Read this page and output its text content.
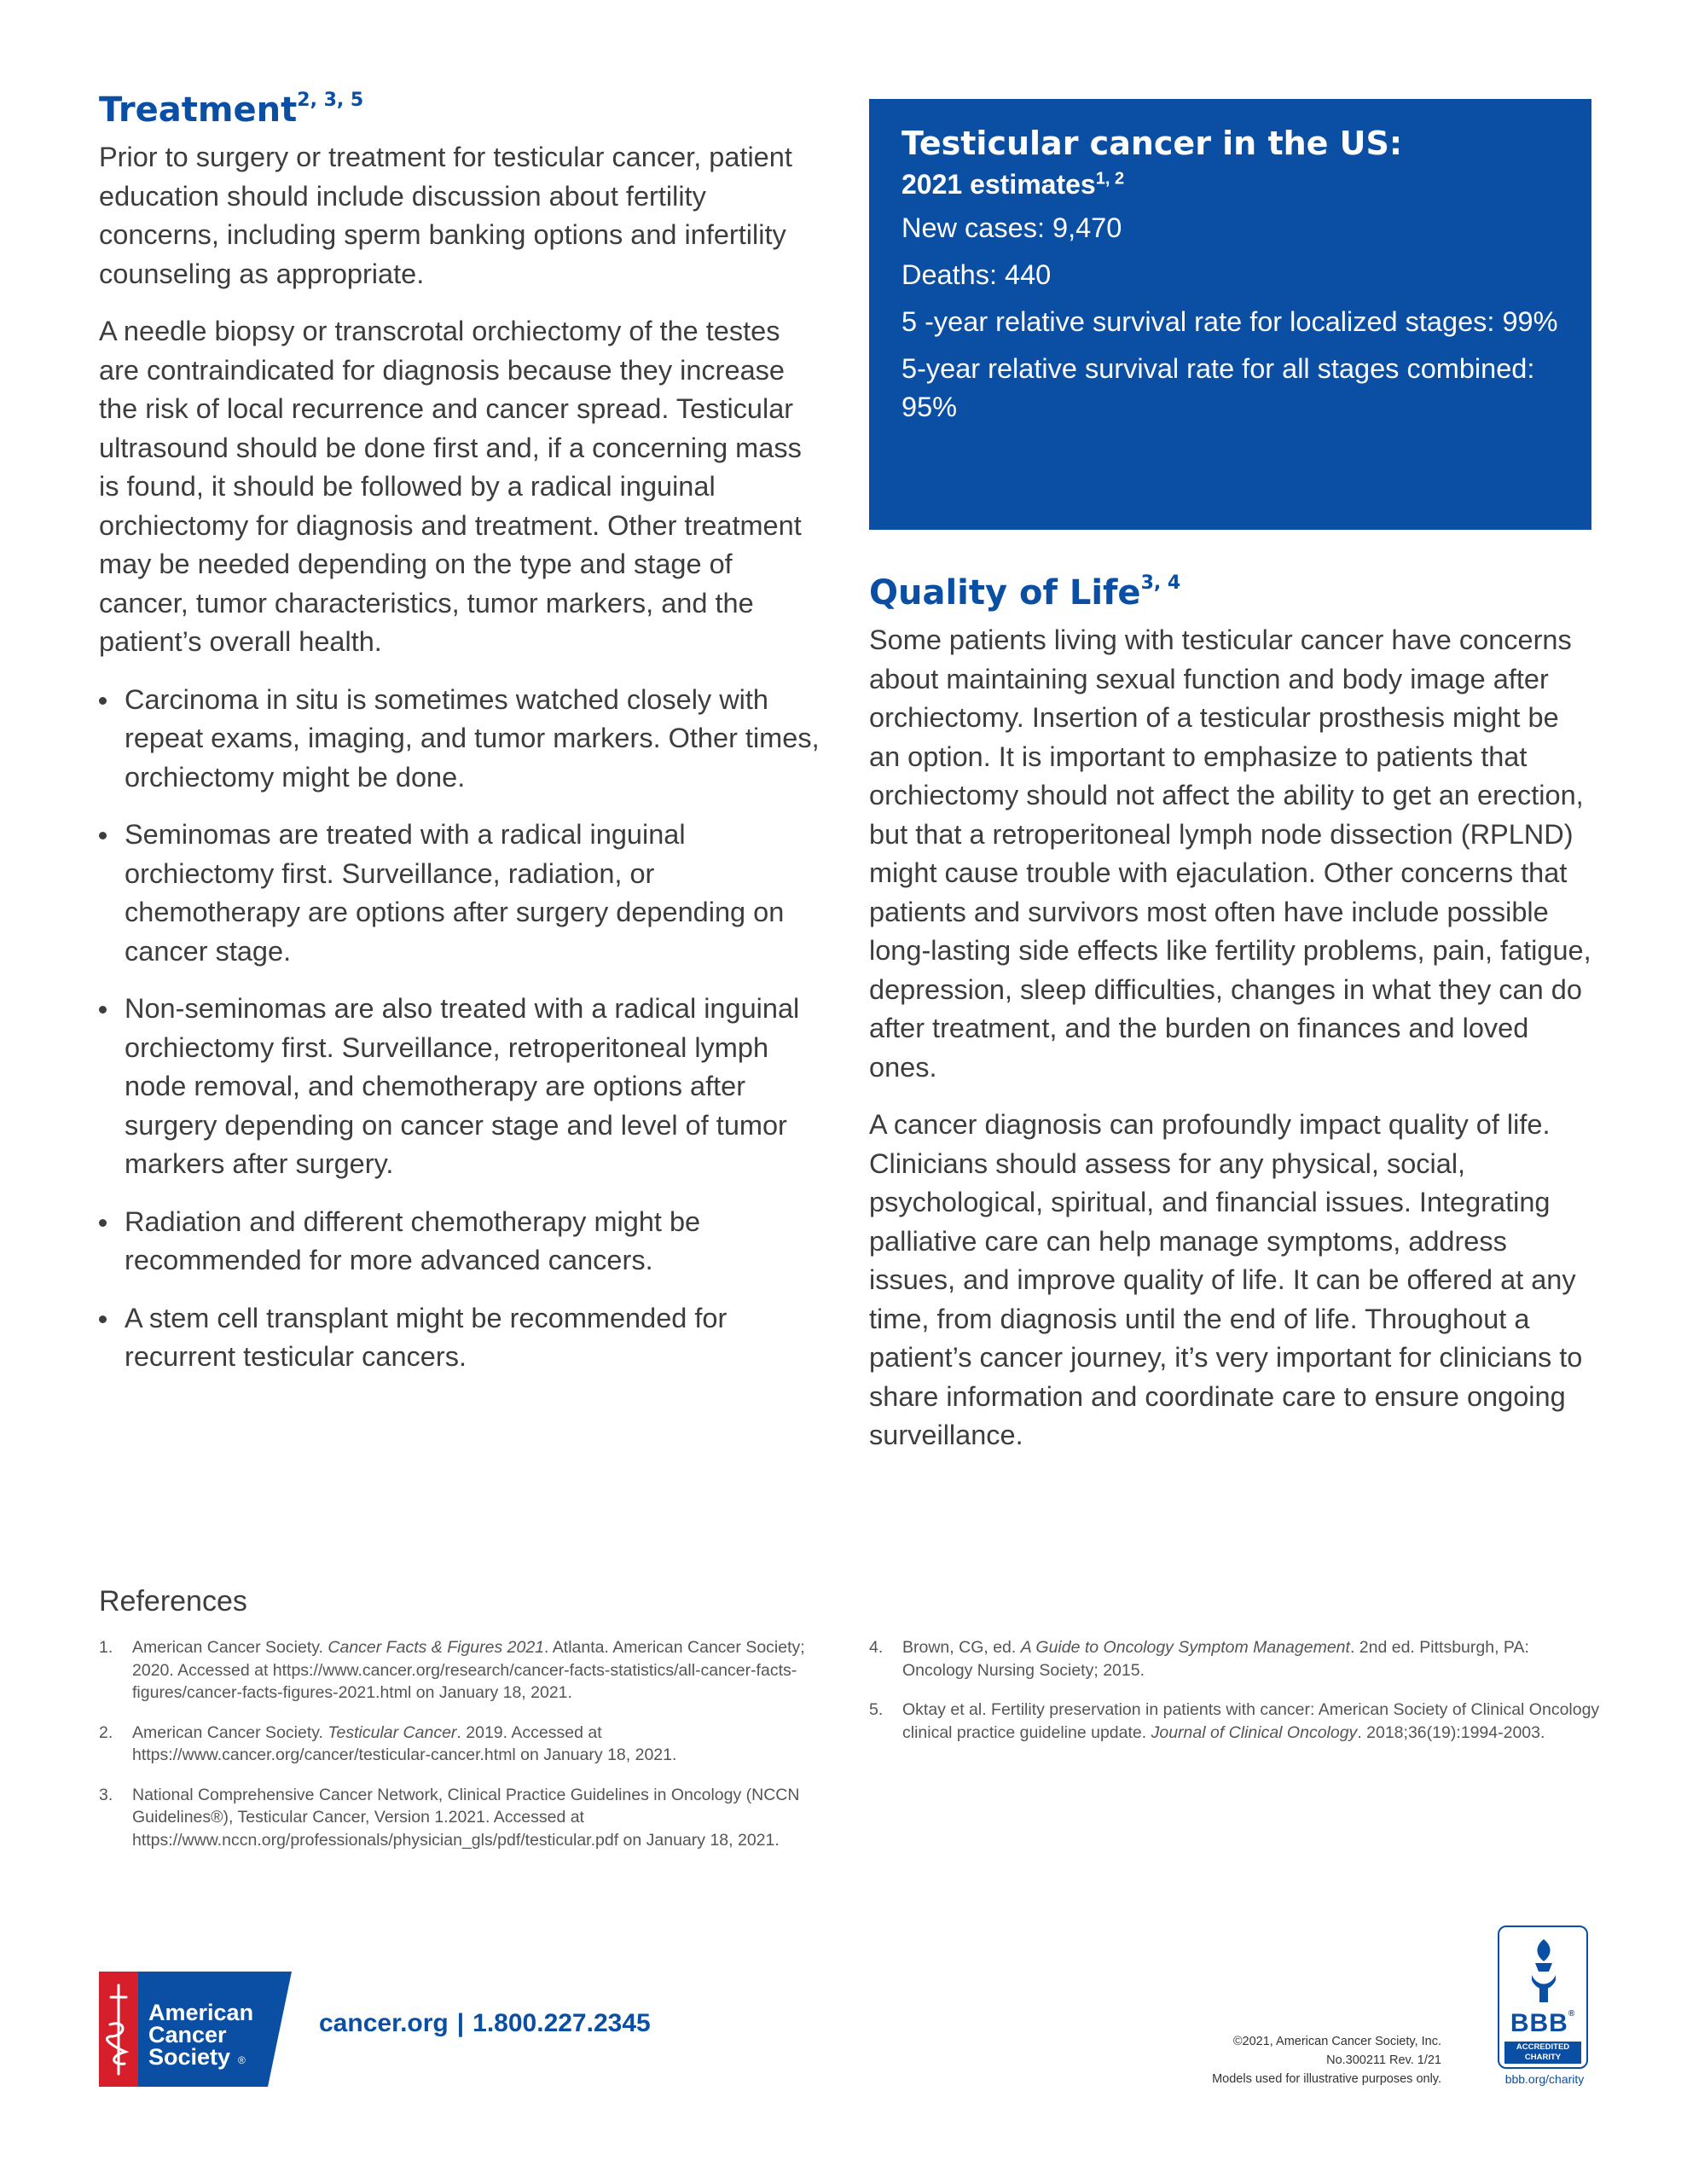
Treatment$^{2, 3, 5}$

Prior to surgery or treatment for testicular cancer, patient education should include discussion about fertility concerns, including sperm banking options and infertility counseling as appropriate.

A needle biopsy or transcrotal orchiectomy of the testes are contraindicated for diagnosis because they increase the risk of local recurrence and cancer spread. Testicular ultrasound should be done first and, if a concerning mass is found, it should be followed by a radical inguinal orchiectomy for diagnosis and treatment. Other treatment may be needed depending on the type and stage of cancer, tumor characteristics, tumor markers, and the patient’s overall health.

Carcinoma in situ is sometimes watched closely with repeat exams, imaging, and tumor markers. Other times, orchiectomy might be done.
Seminomas are treated with a radical inguinal orchiectomy first. Surveillance, radiation, or chemotherapy are options after surgery depending on cancer stage.
Non-seminomas are also treated with a radical inguinal orchiectomy first. Surveillance, retroperitoneal lymph node removal, and chemotherapy are options after surgery depending on cancer stage and level of tumor markers after surgery.
Radiation and different chemotherapy might be recommended for more advanced cancers.
A stem cell transplant might be recommended for recurrent testicular cancers.
Testicular cancer in the US:
2021 estimates$^{1, 2}$
New cases: 9,470
Deaths: 440
5 -year relative survival rate for localized stages: 99%
5-year relative survival rate for all stages combined: 95%
Quality of Life$^{3, 4}$

Some patients living with testicular cancer have concerns about maintaining sexual function and body image after orchiectomy. Insertion of a testicular prosthesis might be an option. It is important to emphasize to patients that orchiectomy should not affect the ability to get an erection, but that a retroperitoneal lymph node dissection (RPLND) might cause trouble with ejaculation. Other concerns that patients and survivors most often have include possible long-lasting side effects like fertility problems, pain, fatigue, depression, sleep difficulties, changes in what they can do after treatment, and the burden on finances and loved ones.

A cancer diagnosis can profoundly impact quality of life. Clinicians should assess for any physical, social, psychological, spiritual, and financial issues. Integrating palliative care can help manage symptoms, address issues, and improve quality of life. It can be offered at any time, from diagnosis until the end of life. Throughout a patient’s cancer journey, it’s very important for clinicians to share information and coordinate care to ensure ongoing surveillance.

References
1. American Cancer Society. Cancer Facts & Figures 2021. Atlanta. American Cancer Society; 2020. Accessed at https://www.cancer.org/research/cancer-facts-statistics/all-cancer-facts-figures/cancer-facts-figures-2021.html on January 18, 2021.
2. American Cancer Society. Testicular Cancer. 2019. Accessed at https://www.cancer.org/cancer/testicular-cancer.html on January 18, 2021.
3. National Comprehensive Cancer Network, Clinical Practice Guidelines in Oncology (NCCN Guidelines®), Testicular Cancer, Version 1.2021. Accessed at https://www.nccn.org/professionals/physician_gls/pdf/testicular.pdf on January 18, 2021.
4. Brown, CG, ed. A Guide to Oncology Symptom Management. 2nd ed. Pittsburgh, PA: Oncology Nursing Society; 2015.
5. Oktay et al. Fertility preservation in patients with cancer: American Society of Clinical Oncology clinical practice guideline update. Journal of Clinical Oncology. 2018;36(19):1994-2003.
American
Cancer
Society ®
cancer.org | 1.800.227.2345
©2021, American Cancer Society, Inc.
No.300211 Rev. 1/21
Models used for illustrative purposes only.
BBB®
ACCREDITED
CHARITY
bbb.org/charity
